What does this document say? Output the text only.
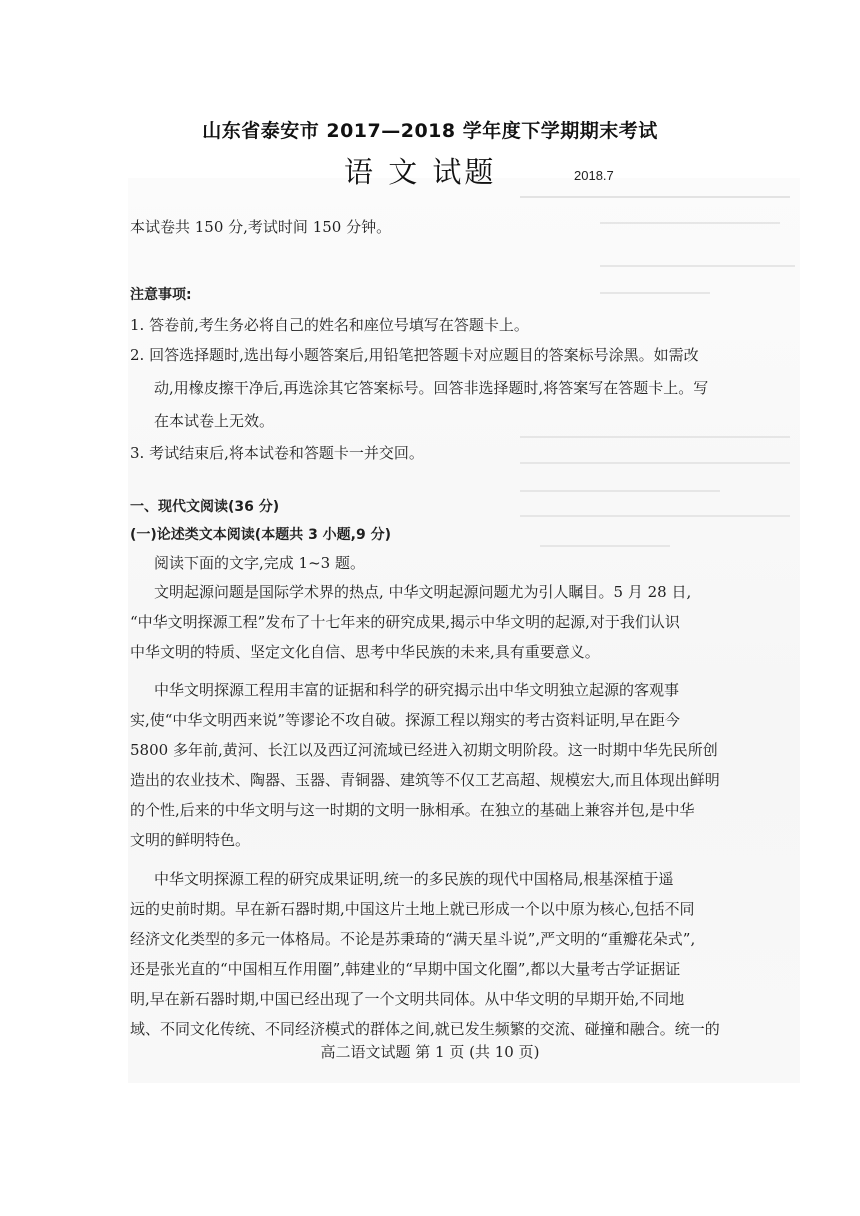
山东省泰安市 2017—2018 学年度下学期期末考试
语 文 试题	2018.7
本试卷共 150 分,考试时间 150 分钟。
注意事项:
1. 答卷前,考生务必将自己的姓名和座位号填写在答题卡上。
2. 回答选择题时,选出每小题答案后,用铅笔把答题卡对应题目的答案标号涂黑。如需改
动,用橡皮擦干净后,再选涂其它答案标号。回答非选择题时,将答案写在答题卡上。写
在本试卷上无效。
3. 考试结束后,将本试卷和答题卡一并交回。
一、现代文阅读(36 分)
(一)论述类文本阅读(本题共 3 小题,9 分)
阅读下面的文字,完成 1~3 题。
文明起源问题是国际学术界的热点, 中华文明起源问题尤为引人瞩目。5 月 28 日,
“中华文明探源工程”发布了十七年来的研究成果,揭示中华文明的起源,对于我们认识
中华文明的特质、坚定文化自信、思考中华民族的未来,具有重要意义。
中华文明探源工程用丰富的证据和科学的研究揭示出中华文明独立起源的客观事
实,使“中华文明西来说”等谬论不攻自破。探源工程以翔实的考古资料证明,早在距今
5800 多年前,黄河、长江以及西辽河流域已经进入初期文明阶段。这一时期中华先民所创
造出的农业技术、陶器、玉器、青铜器、建筑等不仅工艺高超、规模宏大,而且体现出鲜明
的个性,后来的中华文明与这一时期的文明一脉相承。在独立的基础上兼容并包,是中华
文明的鲜明特色。
中华文明探源工程的研究成果证明,统一的多民族的现代中国格局,根基深植于遥
远的史前时期。早在新石器时期,中国这片土地上就已形成一个以中原为核心,包括不同
经济文化类型的多元一体格局。不论是苏秉琦的“满天星斗说”,严文明的“重瓣花朵式”,
还是张光直的“中国相互作用圈”,韩建业的“早期中国文化圈”,都以大量考古学证据证
明,早在新石器时期,中国已经出现了一个文明共同体。从中华文明的早期开始,不同地
域、不同文化传统、不同经济模式的群体之间,就已发生频繁的交流、碰撞和融合。统一的
高二语文试题 第 1 页 (共 10 页)
